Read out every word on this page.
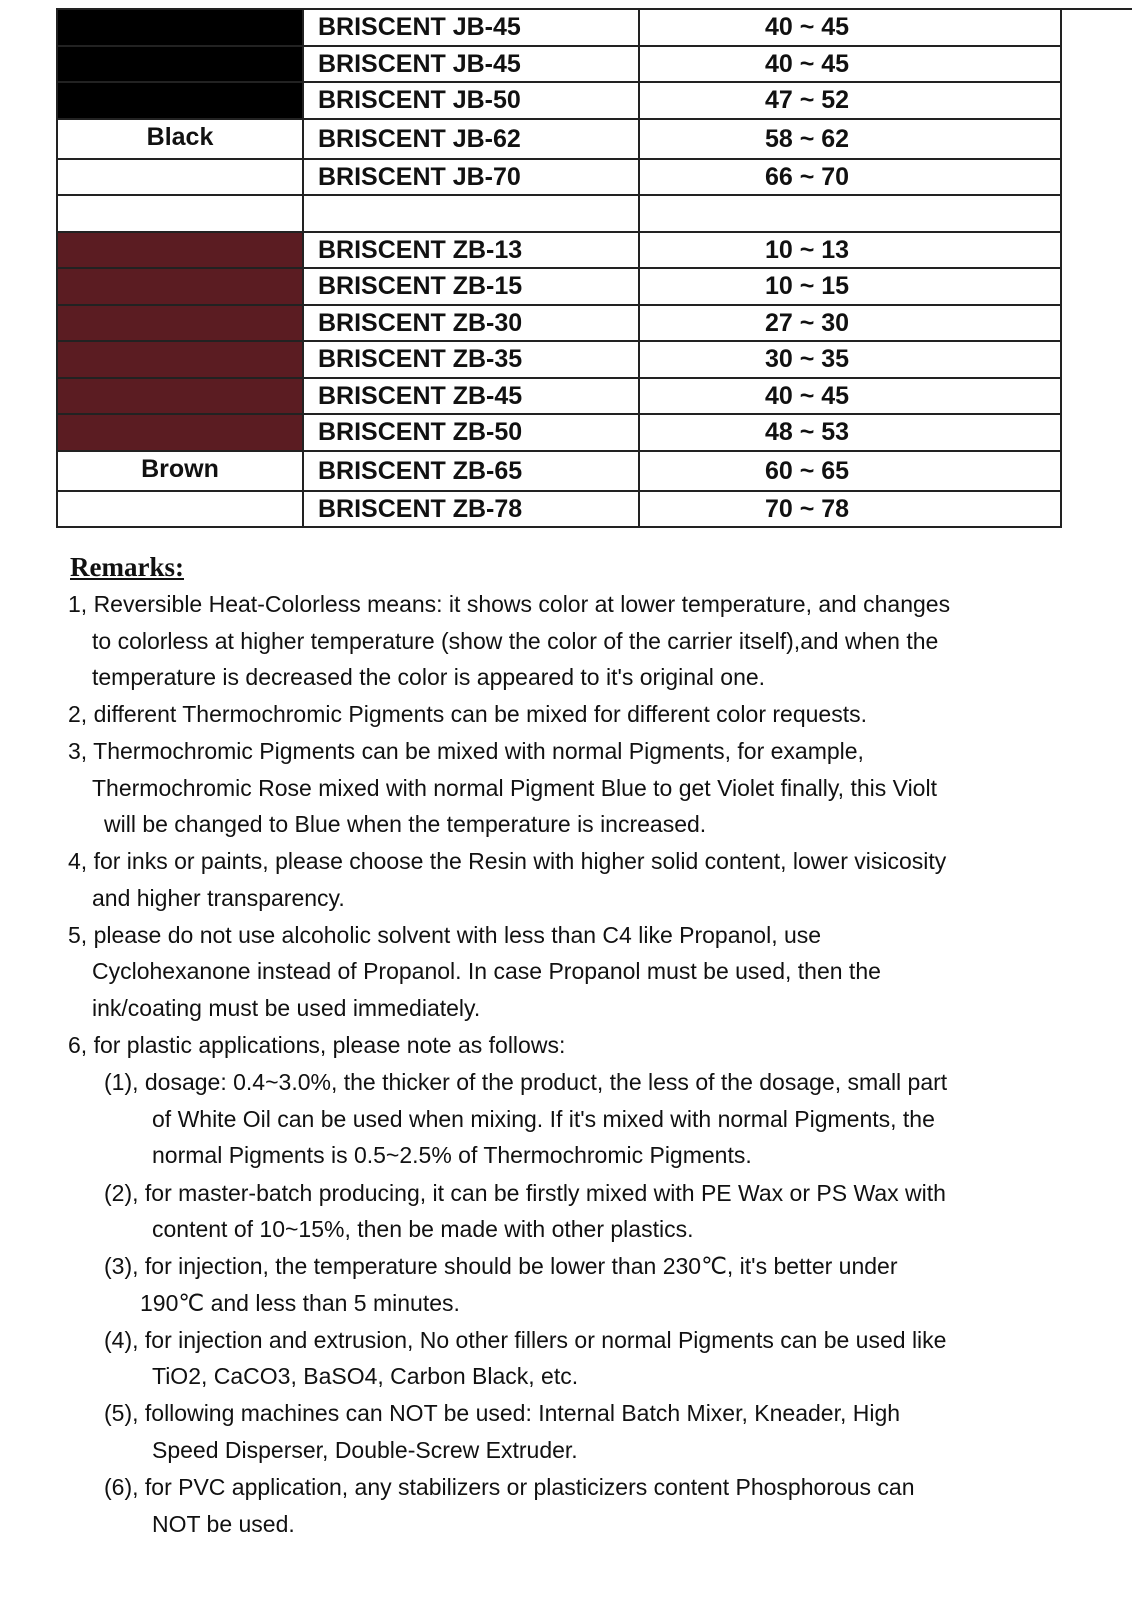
	BRISCENT JB-45	40 ~ 45
	BRISCENT JB-45	40 ~ 45
	BRISCENT JB-50	47 ~ 52
Black	BRISCENT JB-62	58 ~ 62
	BRISCENT JB-70	66 ~ 70

	BRISCENT ZB-13	10 ~ 13
	BRISCENT ZB-15	10 ~ 15
	BRISCENT ZB-30	27 ~ 30
	BRISCENT ZB-35	30 ~ 35
	BRISCENT ZB-45	40 ~ 45
	BRISCENT ZB-50	48 ~ 53
Brown	BRISCENT ZB-65	60 ~ 65
	BRISCENT ZB-78	70 ~ 78
Remarks:
1, Reversible Heat-Colorless means: it shows color at lower temperature, and changes
to colorless at higher temperature (show the color of the carrier itself),and when the
temperature is decreased the color is appeared to it's original one.
2, different Thermochromic Pigments can be mixed for different color requests.
3, Thermochromic Pigments can be mixed with normal Pigments, for example,
Thermochromic Rose mixed with normal Pigment Blue to get Violet finally, this Violt
will be changed to Blue when the temperature is increased.
4, for inks or paints, please choose the Resin with higher solid content, lower visicosity
and higher transparency.
5, please do not use alcoholic solvent with less than C4 like Propanol, use
Cyclohexanone instead of Propanol. In case Propanol must be used, then the
ink/coating must be used immediately.
6, for plastic applications, please note as follows:
(1), dosage: 0.4~3.0%, the thicker of the product, the less of the dosage, small part
of White Oil can be used when mixing. If it's mixed with normal Pigments, the
normal Pigments is 0.5~2.5% of Thermochromic Pigments.
(2), for master-batch producing, it can be firstly mixed with PE Wax or PS Wax with
content of 10~15%, then be made with other plastics.
(3), for injection, the temperature should be lower than 230℃, it's better under
190℃ and less than 5 minutes.
(4), for injection and extrusion, No other fillers or normal Pigments can be used like
TiO2, CaCO3, BaSO4, Carbon Black, etc.
(5), following machines can NOT be used: Internal Batch Mixer, Kneader, High
Speed Disperser, Double-Screw Extruder.
(6), for PVC application, any stabilizers or plasticizers content Phosphorous can
NOT be used.
